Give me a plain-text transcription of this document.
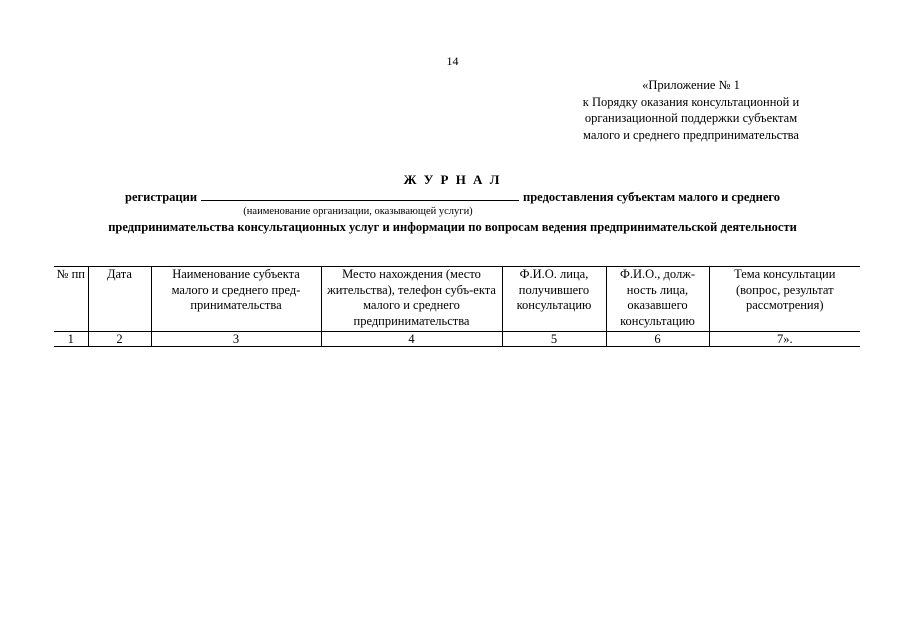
14
«Приложение № 1
к Порядку оказания консультационной и
организационной поддержки субъектам
малого и среднего предпринимательства
Ж У Р Н А Л
регистрации	предоставления субъектам малого и среднего
(наименование организации, оказывающей услуги)
предпринимательства консультационных услуг и информации по вопросам ведения предпринимательской деятельности
№ пп	Дата	Наименование субъекта малого и среднего пред-принимательства	Место нахождения (место жительства), телефон субъ-екта малого и среднего предпринимательства	Ф.И.О. лица, получившего консультацию	Ф.И.О., долж-ность лица, оказавшего консультацию	Тема консультации (вопрос, результат рассмотрения)
1	2	3	4	5	6	7».
